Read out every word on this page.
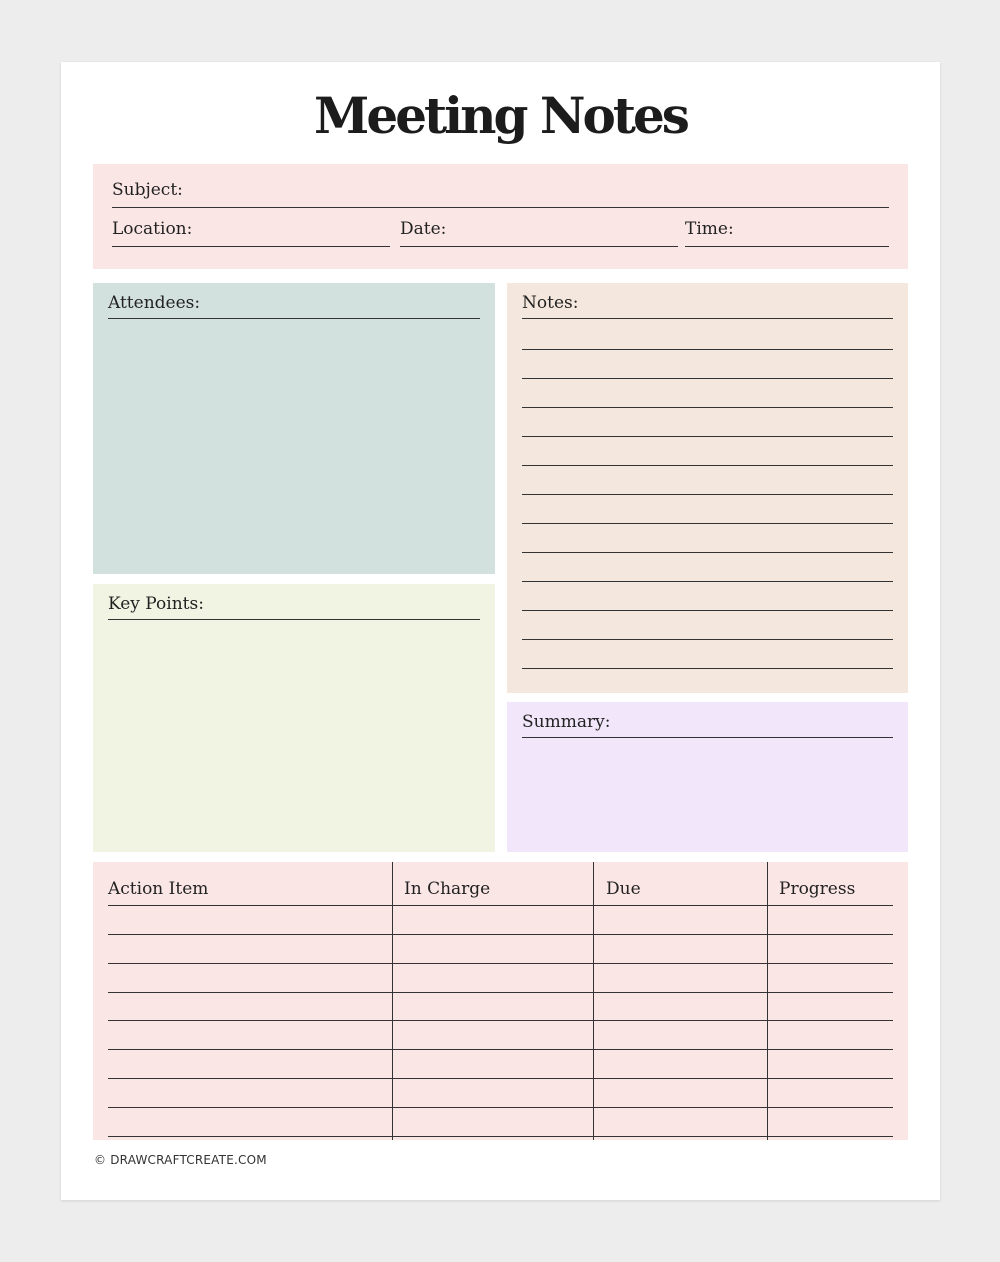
Meeting Notes
Subject:
Location:	Date:	Time:
Attendees:
Key Points:
Notes:
Summary:
Action Item	In Charge	Due	Progress
© DRAWCRAFTCREATE.COM
